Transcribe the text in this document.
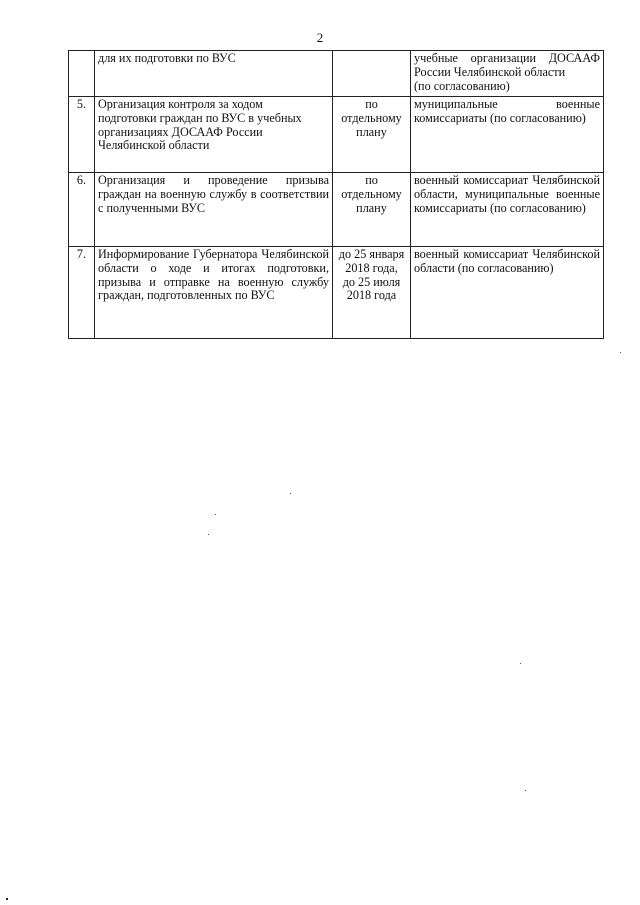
2

	для их подготовки по ВУС		учебные организации ДОСААФ России Челябинской области
(по согласованию)

5.	Организация контроля за ходом
подготовки граждан по ВУС в учебных
организациях ДОСААФ России
Челябинской области	по
отдельному
плану	муниципальные военные комиссариаты (по согласованию)

6.	Организация и проведение призыва граждан на военную службу в соответствии с полученными ВУС	по
отдельному
плану	военный комиссариат Челябинской области, муниципальные военные комиссариаты (по согласованию)

7.	Информирование Губернатора Челябинской области о ходе и итогах подготовки, призыва и отправке на военную службу граждан, подготовленных по ВУС	до 25 января
2018 года,
до 25 июля
2018 года	военный комиссариат Челябинской области (по согласованию)
